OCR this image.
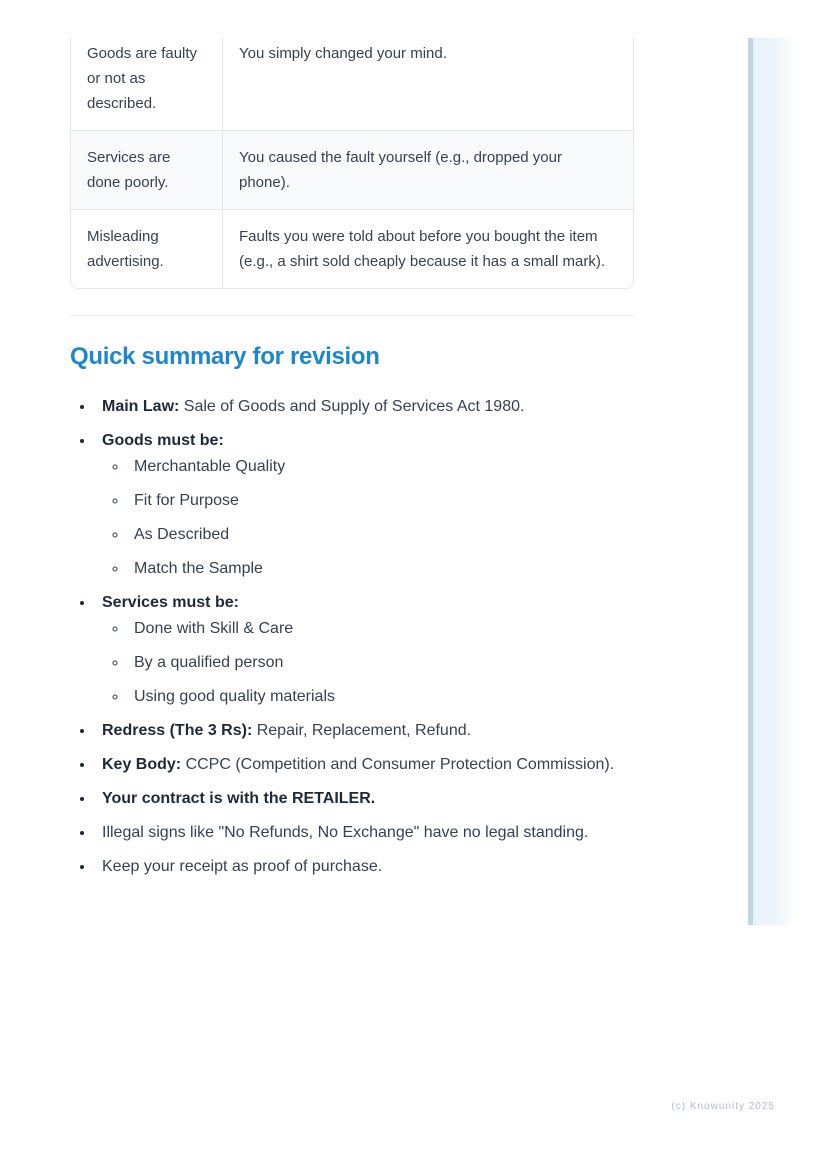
Goods are faulty or not as described.	You simply changed your mind.
Services are done poorly.	You caused the fault yourself (e.g., dropped your phone).
Misleading advertising.	Faults you were told about before you bought the item (e.g., a shirt sold cheaply because it has a small mark).
Quick summary for revision
• Main Law: Sale of Goods and Supply of Services Act 1980.
• Goods must be:
◦ Merchantable Quality
◦ Fit for Purpose
◦ As Described
◦ Match the Sample
• Services must be:
◦ Done with Skill & Care
◦ By a qualified person
◦ Using good quality materials
• Redress (The 3 Rs): Repair, Replacement, Refund.
• Key Body: CCPC (Competition and Consumer Protection Commission).
• Your contract is with the RETAILER.
• Illegal signs like "No Refunds, No Exchange" have no legal standing.
• Keep your receipt as proof of purchase.
(c) Knowunity 2025
